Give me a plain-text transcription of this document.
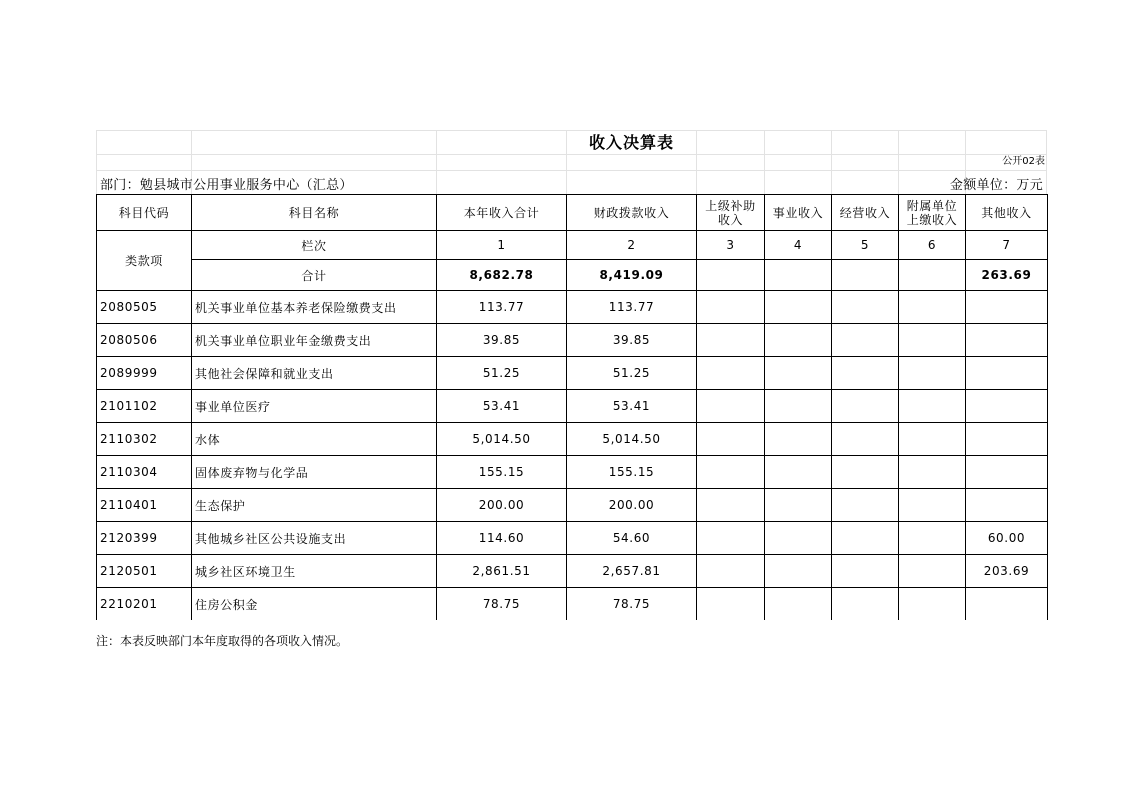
收入决算表
公开02表
部门：勉县城市公用事业服务中心（汇总）	金额单位：万元
科目代码	科目名称	本年收入合计	财政拨款收入	上级补助收入	事业收入	经营收入	附属单位上缴收入	其他收入
类款项	栏次	1	2	3	4	5	6	7
	合计	8,682.78	8,419.09					263.69
2080505	机关事业单位基本养老保险缴费支出	113.77	113.77					
2080506	机关事业单位职业年金缴费支出	39.85	39.85					
2089999	其他社会保障和就业支出	51.25	51.25					
2101102	事业单位医疗	53.41	53.41					
2110302	水体	5,014.50	5,014.50					
2110304	固体废弃物与化学品	155.15	155.15					
2110401	生态保护	200.00	200.00					
2120399	其他城乡社区公共设施支出	114.60	54.60					60.00
2120501	城乡社区环境卫生	2,861.51	2,657.81					203.69
2210201	住房公积金	78.75	78.75					
注：本表反映部门本年度取得的各项收入情况。
